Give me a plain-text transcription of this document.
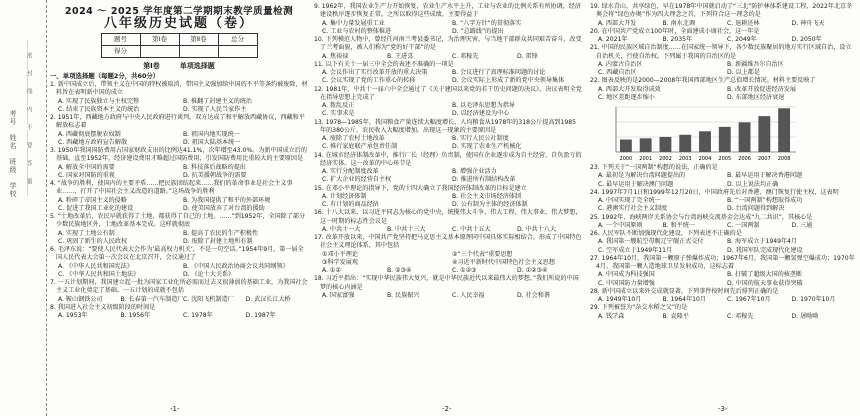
考号　姓名　班级　学校 ……密……封……线……内……不……要……答……题……
2024 ～ 2025 学年度第二学期期末教学质量检测
八年级历史试题（卷）
题号	第Ⅰ卷	第Ⅱ卷	总分
得分			
第Ⅰ卷	单项选择题
一、单项选择题（每题2分，共60分）
1. 新中国成立后，带领主义在中国的特权被取消，带国主义强加给中国的不平等条约被废除，材料旨在表明新中国的成立
A. 实现了民族独立与主权完整	B. 推翻了封建主义的统治
C. 结束了民族资本主义的统治	D. 实现了人民当家作主
2. 1951年，西藏地方政府与中央人民政府进行谈判，双方达成了和平解放西藏协议，西藏和平解放标志着
A. 西藏彻底摆脱农奴制	B. 祖国内地实现统一
C. 西藏地方政府宣告解散	D. 祖国大陆基本统一
3. 1950年我国国防费用占国家财政支出的比例达41.1%，次年增至43.0%。为新中国成立后的基础，直至1952年，经济建设费用才略超过国防费用，引发国防费用比重较大的主要原因是
A. 解放全中国的需要	B. 科技落后战略的提出
C. 国家对国防的重视	D. 抗美援朝战争的需要
4. “战争的胜利，使国内的主要矛盾……把民族团结起来……我们的革命事业是社会主义事业……，打开了中国社会主义改造的道路。”这场战争的胜利
A. 粉碎了帝国主义的侵略	B. 为我国提供了和平的外部环境
C. 促进了我国工业化的建设	D. 使美国放弃了对台湾的援助
5. “土地改革后，农民早就获得了土地，都获得了自己的土地。……”到1952年，全国除了部分少数民族地区外，土地改革基本完成。这样就彻底
A. 实现了土地公有制	B. 提高了农民的生产积极性
C. 巩固了新生的人民政权	D. 废除了封建土地所有制
6. 毛泽东说：“要使人民代表大会作为‘最高权力机关’，不是一句空话。”1954年9月，第一届全国人民代表大会第一次会议在北京召开，会议通过了
A. 《中华人民共和国宪法》	B. 《中国人民政治协商会议共同纲领》
C. 《中华人民共和国土地法》	D. 《论十大关系》
7. 一五计划期间，我国建立起一批为国家工业化所必需而过去又很薄弱的基础工业，为我国社会主义工业化奠定了基础。一五计划的成就不包括
A. 鞍山钢铁公司	B. 长春第一汽车制造厂 C. 沈阳飞机制造厂	D. 武汉长江大桥
8. 我国进入社会主义初级阶段的时间是
A. 1953年	B. 1956年	C. 1978年	D. 1987年
-1-
9. 1962年，我国农业生产力开始恢复，农业生产水平上升，工业与农业的比例关系有所协调，经济建设秩序逐步恢复正常。之所以取得这些成绩，主要得益于
A. 集中力量发展重工业	B. “八字方针”的贯彻落实
C. 工业与农村的整体推进	D. “总路线”的提出
10. 下列模范人物中，曾经任河南兰考县委书记，为治理灾害，与当地干部群众共同艰苦奋斗，改变了兰考面貌，被人们称为“党的好干部”的是
A. 焦裕禄	B. 王进喜	C. 邓稼先	D. 雷锋
11. 以下有关十一届三中全会的表述不准确的一项是
A. 会议作出了实行改革开放的重大决策	B. 会议进行了真理标准问题的讨论
C. 会议实现了党的工作重心的转移	D. 会议实际上形成了新的党中央领导集体
12. 1981年，中共十一届六中全会通过了《关于建国以来党的若干历史问题的决议》，决议表明全党在指导思想上完成了
A. 拨乱反正	B. 以毛泽东思想为指导
C. 实事求是	D. 以经济建设为中心
13. 1978—1985年，我国粮食产量连续大幅度增长，人均粮食从1978年的318公斤提高到1985年的380公斤，农民收入大幅度增加。出现这一现象的主要原因是
A. 废除了农村土地改革	B. 实行人民公社制度
C. 推行家庭联产承包责任制	D. 实现了农业生产机械化
14. 在城市经济体制改革中，推行厂长（经理）负责制，使国有企业逐步成为自主经营、自负盈亏的经济实体。这一改革的中心环节是
A. 实行分配制度改革	B. 增强企业活力
C. 扩大企业的经营自主权	D. 推进所有制结构改革
15. 在邓小平理论的指导下，党的十四大确立了我国经济体制改革的目标是建立
A. 计划经济体制	B. 社会主义市场经济体制
C. 有计划的商品经济	D. 公有制为主体的经济体制
16. 十八大以来，以习近平同志为核心的党中央，统揽伟大斗争、伟大工程、伟大事业、伟大梦想，这一时期的标志性会议是
A. 中共十一大	B. 中共十三大	C. 中共十五大	D. 中共十八大
17. 改革开放以来，中国共产党坚持把马克思主义基本原理同中国具体实际相结合，形成了中国特色社会主义理论体系，其中包括
①邓小平理论	②“三个代表”重要思想
③科学发展观	④习近平新时代中国特色社会主义思想
A. ①②	B. ②③④	C. ①②③	D. ①②③④
18. 习近平指出：“实现中华民族伟大复兴，就是中华民族近代以来最伟大的梦想。”我们所说的中国梦的核心内涵是
A. 国家富强	B. 民族振兴	C. 人民幸福	D. 社会和谐
-2-
19. 绿水青山，共享绿色，早在1978年中国就启动了“三北”防护林体系建设工程，2022年北京冬奥会将“绿色办奥”作为四大理念之首，下列符合这一理念的是
A. 西部大开发	B. 南水北调	C. 退耕还林	D. 神舟飞天
20. 在中国共产党成立100年时，全面建成小康社会，这一年是
A. 2021年	B. 2035年	C. 2049年	D. 2050年
21. 中国的民族区域自治制度……在国家统一领导下，各少数民族聚居的地方实行区域自治，设立自治机关，行使自治权。下列属于我国的自治区的是
A. 内蒙古自治区	B. 新疆维吾尔自治区
C. 西藏自治区	D. 以上都是
22. 图表反映的是2000—2008年我国西部地区生产总值增长情况。材料主要反映了
A. 西部大开发取得成效	B. 改革开放促进经济发展
C. 地区差距逐步缩小	D. 东部地区经济衰退
2000 2001 2002 2003 2004 2005 2006 2007 2008
23. 下列关于“一国两制”构想的说法，正确的是
A. 最初是为解决台湾问题提出的	B. 最早运用于解决香港问题
C. 最早运用于解决澳门问题	D. 以上说法均正确
24. 1997年7月1日和1999年12月20日，中国政府先后对香港、澳门恢复行使主权，这表明
A. 中国实现了完全统一	B. “一国两制”构想取得成功
C. 港澳实行社会主义制度	D. 台湾问题得到解决
25. 1992年，海峡两岸关系协会与台湾海峡交流基金会达成“九二共识”，其核心是
A. 一个中国原则	B. 和平统一	C. 一国两制	D. 三通
26. 人民军队不断加强现代化建设，下列表述不正确的是
A. 我国第一艘航空母舰辽宁舰正式交付	B. 海军成立于1949年4月
C. 空军成立于1949年11月	D. 我国军队完成现代化建设
27. 1964年10月，我国第一颗原子弹爆炸成功；1967年6月，我国第一颗氢弹空爆成功；1970年4月，我国第一颗人造地球卫星发射成功，这标志着
A. 中国成为科技强国	B. 打破了超级大国的核垄断
C. 中国国防力量增强	D. 中国的航天事业获得突破
28. 新中国成立以来外交成就显著，下列事件按时间先后排列正确的是
A. 1949年10月	B. 1964年10月	C. 1967年10月	D. 1970年10月
29. 下列被誉为“杂交水稻之父”的是
A. 钱学森	B. 袁隆平	C. 邓稼先	D. 屠呦呦
-3-
